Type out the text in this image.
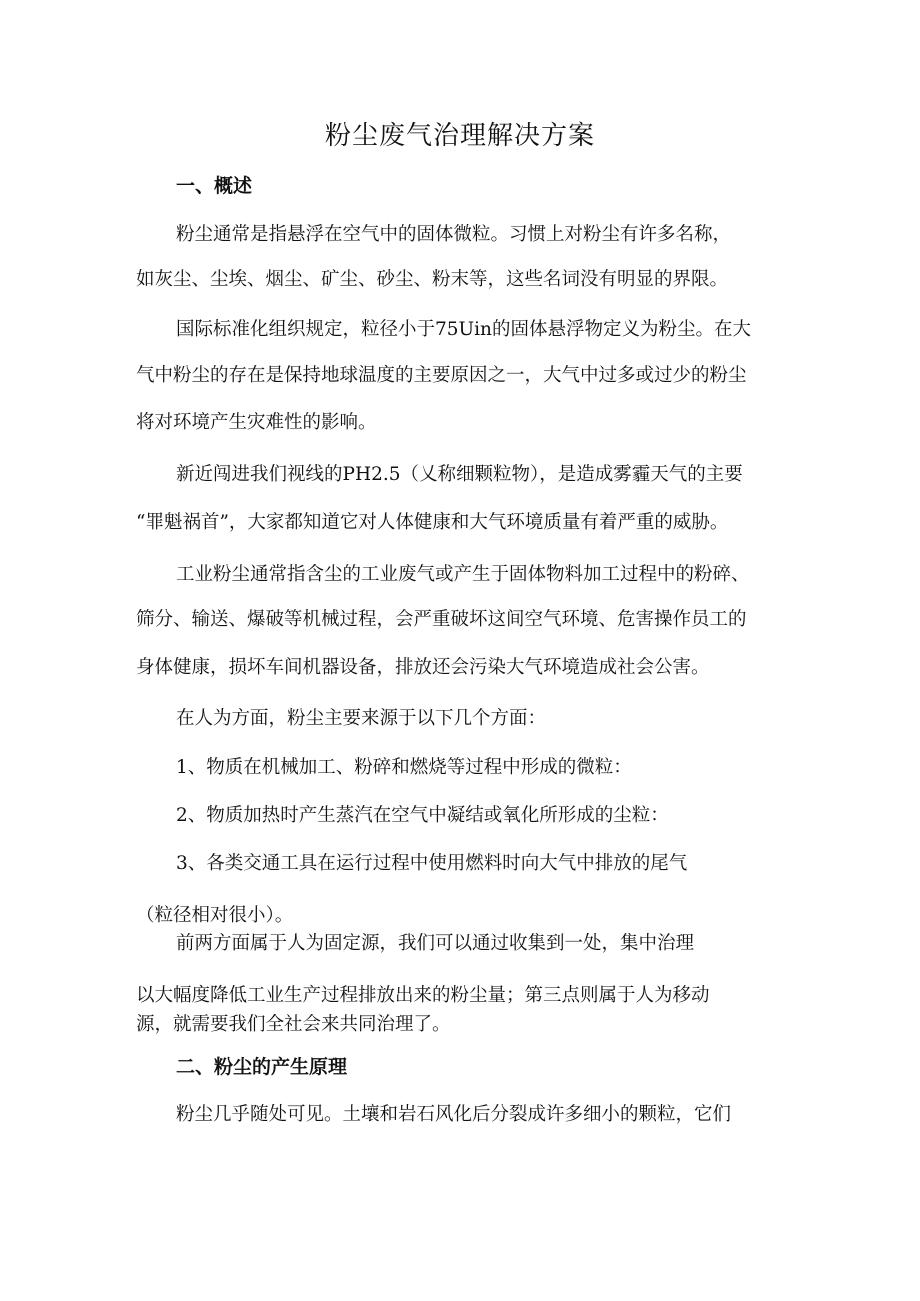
粉尘废气治理解决方案
一、概述
粉尘通常是指悬浮在空气中的固体微粒。习惯上对粉尘有许多名称，
如灰尘、尘埃、烟尘、矿尘、砂尘、粉末等，这些名词没有明显的界限。
国际标准化组织规定，粒径小于75Uin的固体悬浮物定义为粉尘。在大
气中粉尘的存在是保持地球温度的主要原因之一，大气中过多或过少的粉尘
将对环境产生灾难性的影响。
新近闯进我们视线的PH2.5（乂称细颗粒物），是造成雾霾天气的主要
“罪魁祸首”，大家都知道它对人体健康和大气环境质量有着严重的威胁。
工业粉尘通常指含尘的工业废气或产生于固体物料加工过程中的粉碎、
筛分、输送、爆破等机械过程，会严重破坏这间空气环境、危害操作员工的
身体健康，损坏车间机器设备，排放还会污染大气环境造成社会公害。
在人为方面，粉尘主要来源于以下几个方面：
1、物质在机械加工、粉碎和燃烧等过程中形成的微粒：
2、物质加热时产生蒸汽在空气中凝结或氧化所形成的尘粒：
3、各类交通工具在运行过程中使用燃料时向大气中排放的尾气
（粒径相对很小）。
前两方面属于人为固定源，我们可以通过收集到一处，集中治理
以大幅度降低工业生产过程排放出来的粉尘量；第三点则属于人为移动
源，就需要我们全社会来共同治理了。
二、粉尘的产生原理
粉尘几乎随处可见。土壤和岩石风化后分裂成许多细小的颗粒，它们
